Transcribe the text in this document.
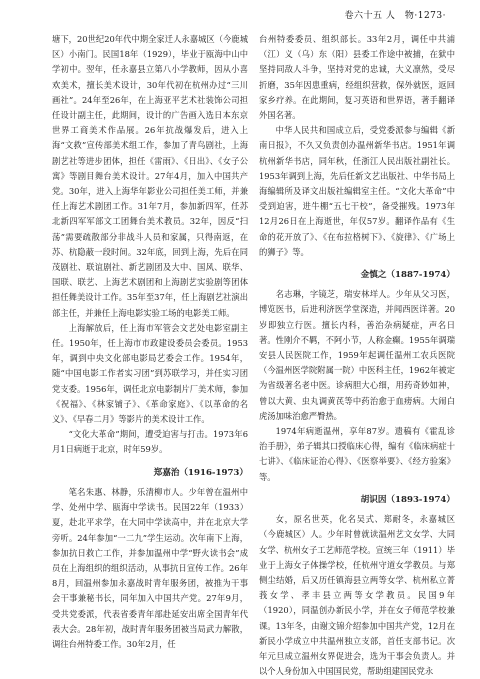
卷六十五 人　物·1273·

塘下，20世纪20年代中期全家迁人永嘉城区（今鹿城区）小南门。民国18年（1929），毕业于瓯海中山中学初中。翌年，任永嘉县立第八小学教师，因从小喜欢美术，擅长美术设计，30年代初在杭州办过“三川画社”。24年至26年，在上海亚平艺术社装饰公司担任设计副主任，此期间，设计的广告画入选日本东京世界工商美术作品展。26年抗战爆发后，进入上海“文救”宣传部美术组工作，参加了青鸟剧社，上海剧艺社等进步团体，担任《雷雨》、《日出》、《女子公寓》等剧目舞台美术设计。27年4月，加入中国共产党。30年，进入上海华年影业公司担任美工师，并兼任上海艺术剧团工作。31年7月，参加新四军，任苏北新四军军部文工团舞台美术教员。32年，因反“扫荡”需要疏散部分非战斗人员和家属，只得南返，在苏、杭隐蔽一段时间。32年底，回到上海，先后在同茂剧社、联谊剧社、新艺剧团及大中、国风、联华、国联、联艺、上海艺术剧团和上海剧艺实验剧等团体担任舞美设计工作。35年至37年，任上海剧艺社演出部主任，并兼任上海电影实验工场的电影美工师。

上海解放后，任上海市军管会文艺处电影室副主任。1950年，任上海市市政建设委员会委员。1953年，调到中央文化部电影局艺委会工作。1954年，随“中国电影工作者实习团”到苏联学习，并任实习团党支委。1956年，调任北京电影制片厂美术师，参加《祝福》、《林家铺子》、《革命家庭》、《以革命的名义》、《早春二月》等影片的美术设计工作。

“文化大革命”期间，遭受迫害与打击。1973年6月1日病逝于北京，时年59岁。

郑嘉治（1916-1973）

笔名朱惠、林静，乐清柳市人。少年曾在温州中学、处州中学、瓯海中学读书。民国22年（1933）夏，赴北平求学，在大同中学读高中，并在北京大学旁听。24年参加“一二九”学生运动。次年南下上海，参加抗日救亡工作，并参加温州中学“野火读书会”成员在上海组织的组织活动，从事抗日宣传工作。26年8月，回温州参加永嘉战时青年服务团，被推为干事会干事兼秘书长，同年加入中国共产党。27年9月，受共党委派，代表省委青年部赴延安出席全国青年代表大会。28年初，战时青年服务团被当局武力解散，调往台州特委工作。30年2月，任

台州特委委员、组织部长。33年2月，调任中共浦（江）义（乌）东（阳）县委工作途中被捕，在狱中坚持同敌人斗争，坚持对党的忠诚，大义凛然，受尽折磨，35年因患重病，经组织营救，保外就医，返回家乡疗养。在此期间，复习英语和世界语，著手翻译外国名著。

中华人民共和国成立后，受党委派参与编辑《新南日报》，不久又负责创办温州新华书店。1951年调杭州新华书店，同年秋，任浙江人民出版社副社长。1953年调到上海，先后任新文艺出版社、中华书局上海编辑所及译文出版社编辑室主任。“文化大革命”中受到迫害，进牛棚“五七干校”，备受摧残。1973年12月26日在上海逝世，年仅57岁。翻译作品有《生命的花开放了》、《在布拉格树下》、《旋律》、《广场上的狮子》等。

金慎之（1887-1974）

名志琳，字镜芝，瑞安林垟人。少年从父习医，博览医书，后进利济医学堂深造，并闻西医详著。20岁即独立行医。擅长内科，善治杂病疑症，声名日著。性刚介不羁，不阿小节，人称金癫。1955年调瑞安县人民医院工作，1959年起调任温州工农兵医院（今温州医学院附属一院）中医科主任，1962年被定为省级著名老中医。诊病胆大心细，用药奇妙如神，曾以大黄、虫丸调黄芪等中药治愈于血痨病。大闹白虎汤加味治愈严臀热。

1974年病逝温州，享年87岁。遗稿有《霍乱诊治手册》，弟子辑其口授临床心得，编有《临床病症十七讲》、《临床证治心得》、《医察举要》、《经方验案》等。

胡识因（1893-1974）

女，原名世英，化名吴式、郑耐冬，永嘉城区（今鹿城区）人。少年时曾就读温州艺文女学、大同女学、杭州女子工艺师范学校。宣统三年（1911）毕业于上海女子体操学校，任杭州守道女学教员。与郑侧尘结婚，后又历任镇海县立两等女学、杭州私立菁莪女学、孝丰县立两等女学教员。民国9年（1920），同温创办新民小学，并在女子师范学校兼课。13年冬，由谢文锦介绍参加中国共产党，12月在新民小学成立中共温州独立支部，首任支部书记。次年元旦成立温州女界促进会，选为干事会负责人。并以个人身份加入中国国民党，帮助组建国民党永
